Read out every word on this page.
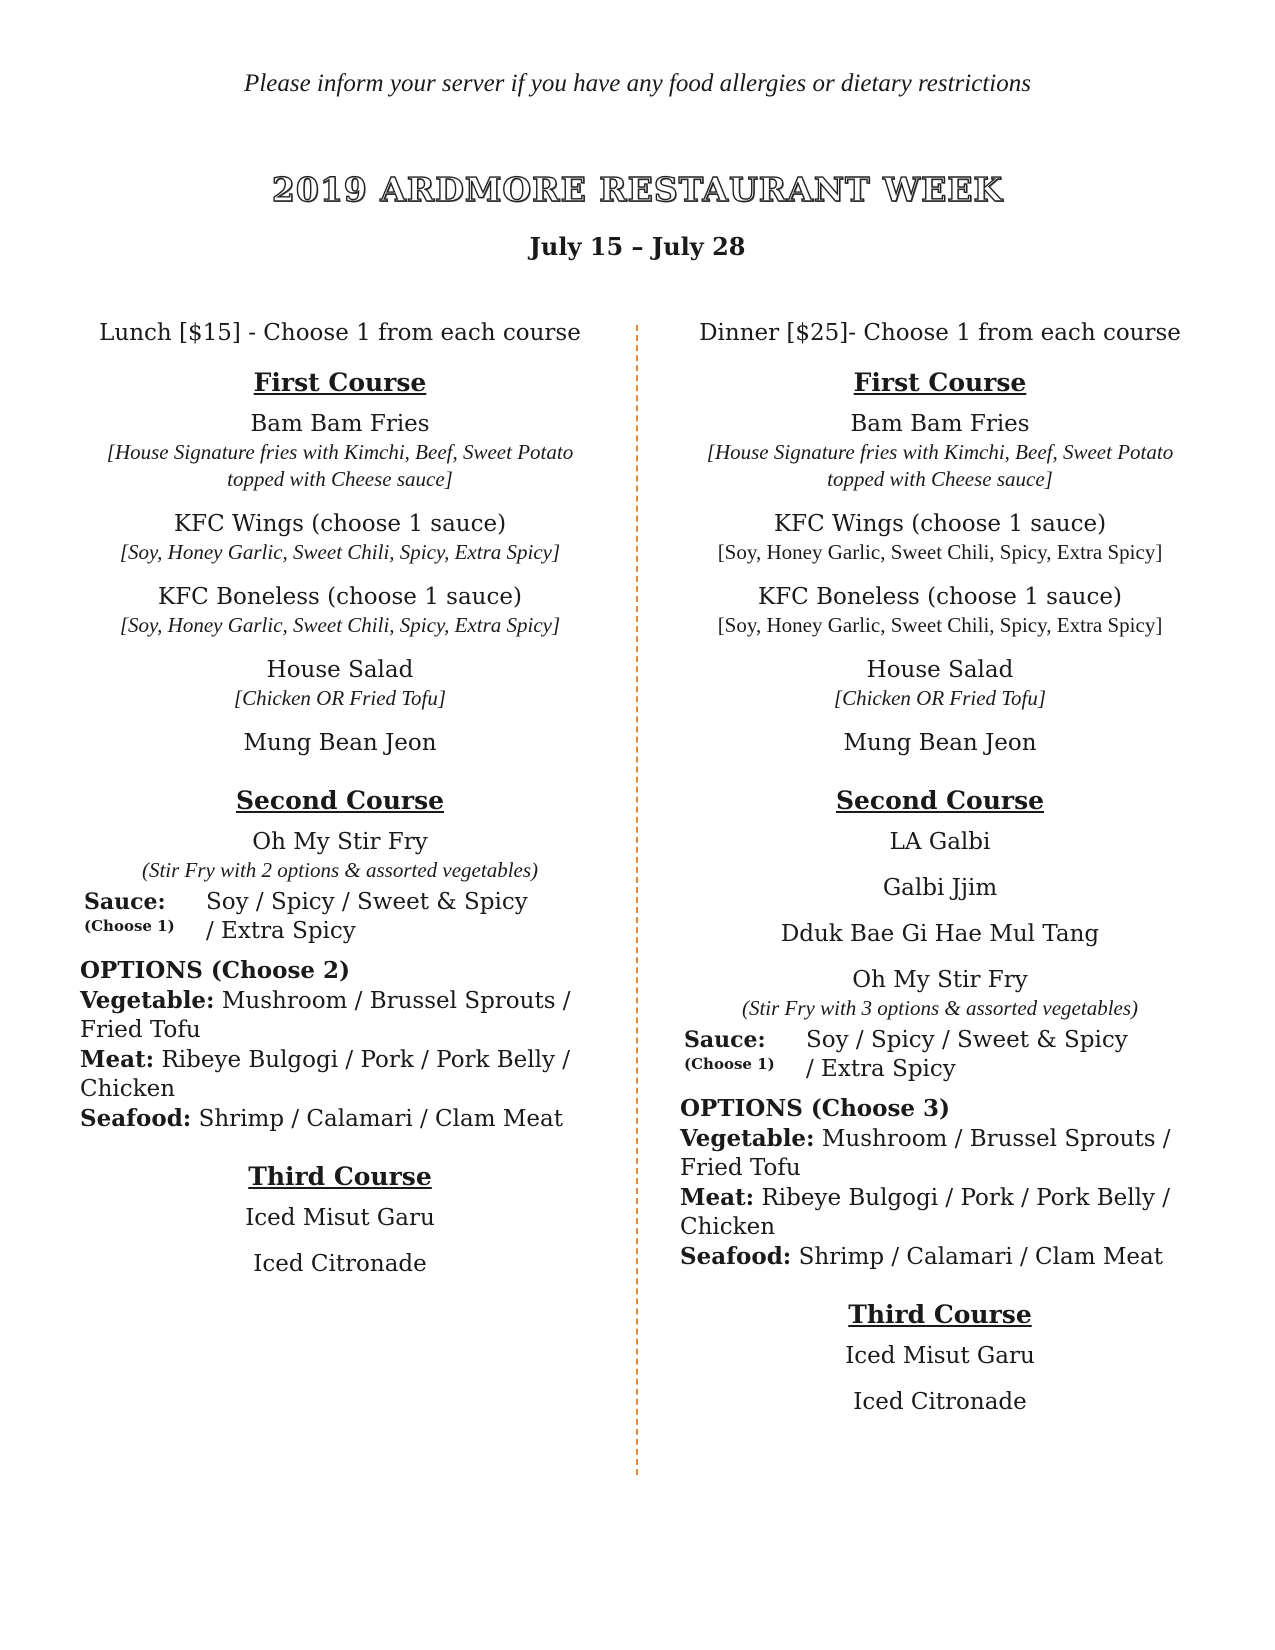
Please inform your server if you have any food allergies or dietary restrictions
2019 ARDMORE RESTAURANT WEEK
July 15 – July 28
Lunch [$15] - Choose 1 from each course
First Course
Bam Bam Fries
[House Signature fries with Kimchi, Beef, Sweet Potato topped with Cheese sauce]
KFC Wings (choose 1 sauce)
[Soy, Honey Garlic, Sweet Chili, Spicy, Extra Spicy]
KFC Boneless (choose 1 sauce)
[Soy, Honey Garlic, Sweet Chili, Spicy, Extra Spicy]
House Salad
[Chicken OR Fried Tofu]
Mung Bean Jeon
Second Course
Oh My Stir Fry
(Stir Fry with 2 options & assorted vegetables)
Sauce:
(Choose 1)
Soy / Spicy / Sweet & Spicy / Extra Spicy
OPTIONS (Choose 2)
Vegetable: Mushroom / Brussel Sprouts / Fried Tofu
Meat: Ribeye Bulgogi / Pork / Pork Belly / Chicken
Seafood: Shrimp / Calamari / Clam Meat
Third Course
Iced Misut Garu
Iced Citronade
Dinner [$25]- Choose 1 from each course
First Course
Bam Bam Fries
[House Signature fries with Kimchi, Beef, Sweet Potato topped with Cheese sauce]
KFC Wings (choose 1 sauce)
[Soy, Honey Garlic, Sweet Chili, Spicy, Extra Spicy]
KFC Boneless (choose 1 sauce)
[Soy, Honey Garlic, Sweet Chili, Spicy, Extra Spicy]
House Salad
[Chicken OR Fried Tofu]
Mung Bean Jeon
Second Course
LA Galbi
Galbi Jjim
Dduk Bae Gi Hae Mul Tang
Oh My Stir Fry
(Stir Fry with 3 options & assorted vegetables)
Sauce:
(Choose 1)
Soy / Spicy / Sweet & Spicy / Extra Spicy
OPTIONS (Choose 3)
Vegetable: Mushroom / Brussel Sprouts / Fried Tofu
Meat: Ribeye Bulgogi / Pork / Pork Belly / Chicken
Seafood: Shrimp / Calamari / Clam Meat
Third Course
Iced Misut Garu
Iced Citronade
